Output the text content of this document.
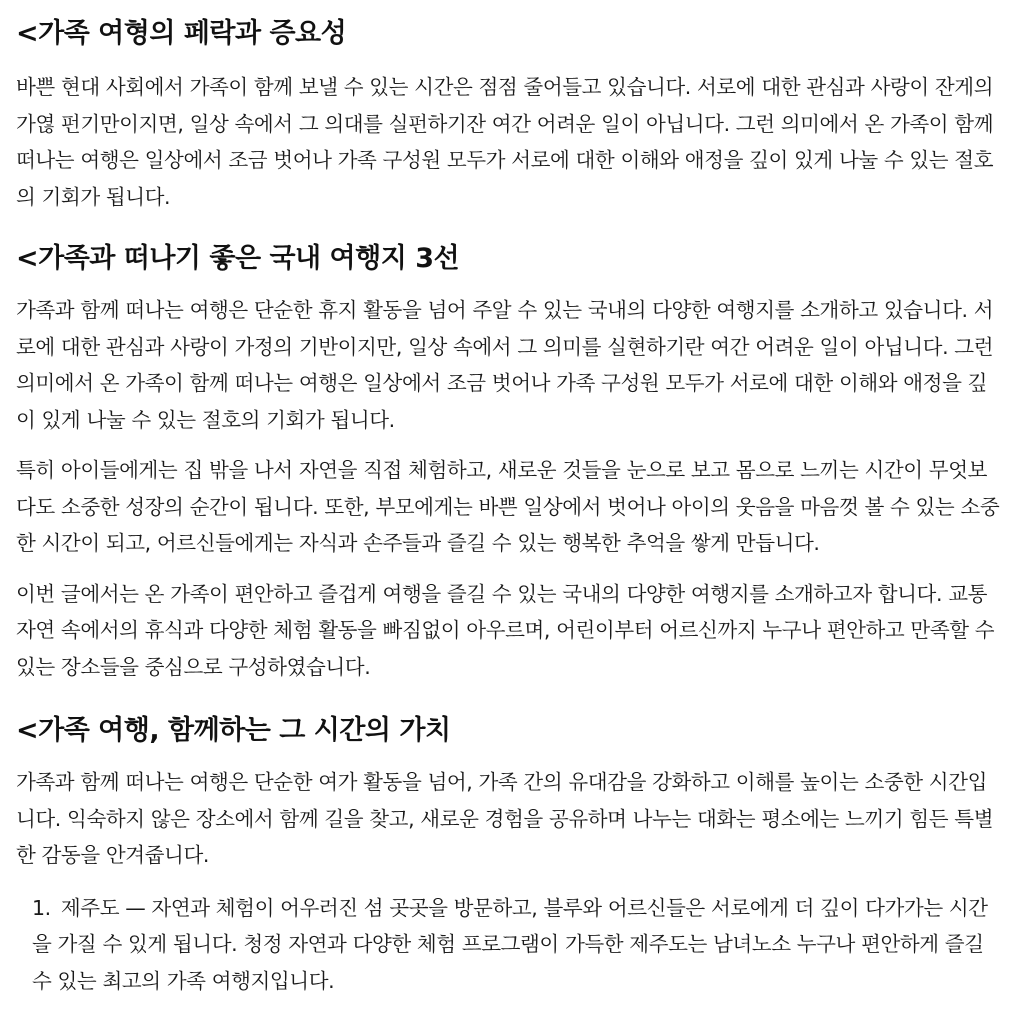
<가족 여형의 페락과 증요성

바쁜 현대 사회에서 가족이 함께 보낼 수 있는 시간은 점점 줄어들고 있습니다. 서로에 대한 관심과 사랑이 잔게의 가엲 펀기만이지면, 일상 속에서 그 의대를 실펀하기잔 여간 어려운 일이 아닙니다. 그런 의미에서 온 가족이 함께 떠나는 여행은 일상에서 조금 벗어나 가족 구성원 모두가 서로에 대한 이해와 애정을 깊이 있게 나눌 수 있는 절호의 기회가 됩니다.

<가족과 떠나기 좋은 국내 여행지 3선

가족과 함께 떠나는 여행은 단순한 휴지 활동을 넘어 주알 수 있는 국내의 다양한 여행지를 소개하고 있습니다. 서로에 대한 관심과 사랑이 가정의 기반이지만, 일상 속에서 그 의미를 실현하기란 여간 어려운 일이 아닙니다. 그런 의미에서 온 가족이 함께 떠나는 여행은 일상에서 조금 벗어나 가족 구성원 모두가 서로에 대한 이해와 애정을 깊이 있게 나눌 수 있는 절호의 기회가 됩니다.

특히 아이들에게는 집 밖을 나서 자연을 직접 체험하고, 새로운 것들을 눈으로 보고 몸으로 느끼는 시간이 무엇보다도 소중한 성장의 순간이 됩니다. 또한, 부모에게는 바쁜 일상에서 벗어나 아이의 웃음을 마음껏 볼 수 있는 소중한 시간이 되고, 어르신들에게는 자식과 손주들과 즐길 수 있는 행복한 추억을 쌓게 만듭니다.

이번 글에서는 온 가족이 편안하고 즐겁게 여행을 즐길 수 있는 국내의 다양한 여행지를 소개하고자 합니다. 교통 자연 속에서의 휴식과 다양한 체험 활동을 빠짐없이 아우르며, 어린이부터 어르신까지 누구나 편안하고 만족할 수 있는 장소들을 중심으로 구성하였습니다.

<가족 여행, 함께하는 그 시간의 가치

가족과 함께 떠나는 여행은 단순한 여가 활동을 넘어, 가족 간의 유대감을 강화하고 이해를 높이는 소중한 시간입니다. 익숙하지 않은 장소에서 함께 길을 찾고, 새로운 경험을 공유하며 나누는 대화는 평소에는 느끼기 힘든 특별한 감동을 안겨줍니다.

1. 제주도 — 자연과 체험이 어우러진 섬 곳곳을 방문하고, 블루와 어르신들은 서로에게 더 깊이 다가가는 시간을 가질 수 있게 됩니다. 청정 자연과 다양한 체험 프로그램이 가득한 제주도는 남녀노소 누구나 편안하게 즐길 수 있는 최고의 가족 여행지입니다.
